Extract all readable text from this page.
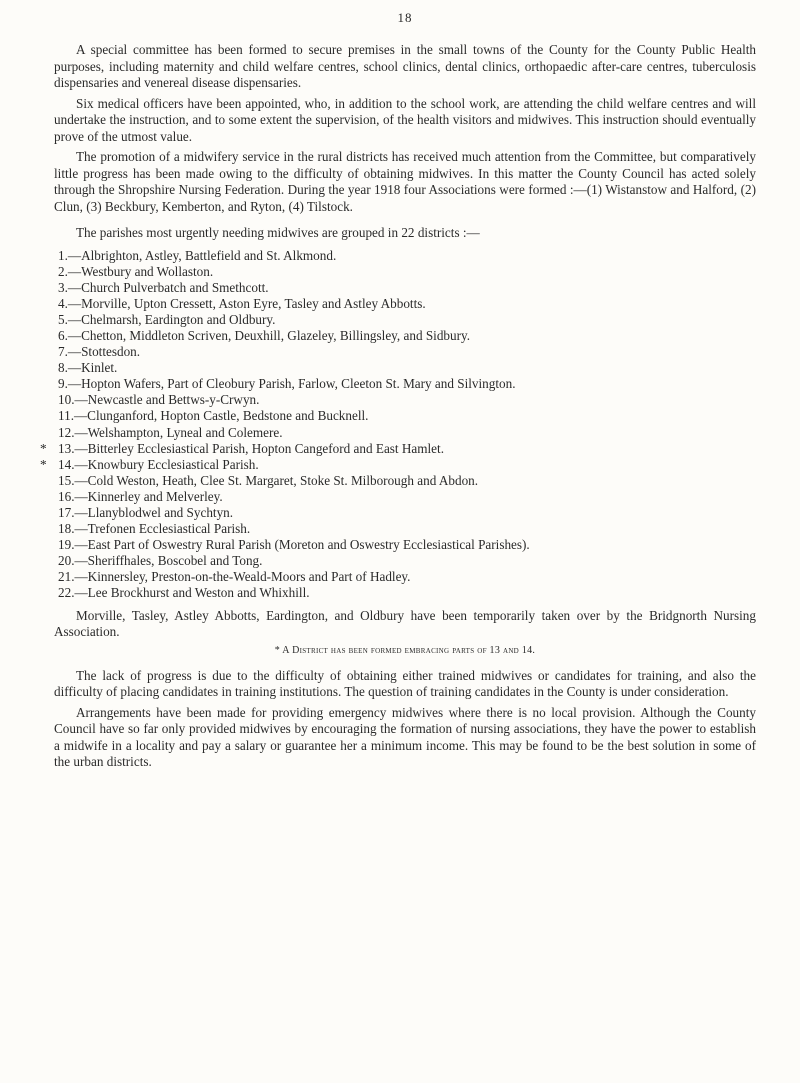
18

A special committee has been formed to secure premises in the small towns of the County for the County Public Health purposes, including maternity and child welfare centres, school clinics, dental clinics, orthopaedic after-care centres, tuberculosis dispensaries and venereal disease dispensaries.

Six medical officers have been appointed, who, in addition to the school work, are attending the child welfare centres and will undertake the instruction, and to some extent the supervision, of the health visitors and midwives. This instruction should eventually prove of the utmost value.

The promotion of a midwifery service in the rural districts has received much attention from the Committee, but comparatively little progress has been made owing to the difficulty of obtaining midwives. In this matter the County Council has acted solely through the Shropshire Nursing Federation. During the year 1918 four Associations were formed :—(1) Wistanstow and Halford, (2) Clun, (3) Beckbury, Kemberton, and Ryton, (4) Tilstock.

The parishes most urgently needing midwives are grouped in 22 districts :—

1.—Albrighton, Astley, Battlefield and St. Alkmond.
2.—Westbury and Wollaston.
3.—Church Pulverbatch and Smethcott.
4.—Morville, Upton Cressett, Aston Eyre, Tasley and Astley Abbotts.
5.—Chelmarsh, Eardington and Oldbury.
6.—Chetton, Middleton Scriven, Deuxhill, Glazeley, Billingsley, and Sidbury.
7.—Stottesdon.
8.—Kinlet.
9.—Hopton Wafers, Part of Cleobury Parish, Farlow, Cleeton St. Mary and Silvington.
10.—Newcastle and Bettws-y-Crwyn.
11.—Clunganford, Hopton Castle, Bedstone and Bucknell.
12.—Welshampton, Lyneal and Colemere.
* 13.—Bitterley Ecclesiastical Parish, Hopton Cangeford and East Hamlet.
* 14.—Knowbury Ecclesiastical Parish.
15.—Cold Weston, Heath, Clee St. Margaret, Stoke St. Milborough and Abdon.
16.—Kinnerley and Melverley.
17.—Llanyblodwel and Sychtyn.
18.—Trefonen Ecclesiastical Parish.
19.—East Part of Oswestry Rural Parish (Moreton and Oswestry Ecclesiastical Parishes).
20.—Sheriffhales, Boscobel and Tong.
21.—Kinnersley, Preston-on-the-Weald-Moors and Part of Hadley.
22.—Lee Brockhurst and Weston and Whixhill.

Morville, Tasley, Astley Abbotts, Eardington, and Oldbury have been temporarily taken over by the Bridgnorth Nursing Association.

* A District has been formed embracing parts of 13 and 14.

The lack of progress is due to the difficulty of obtaining either trained midwives or candidates for training, and also the difficulty of placing candidates in training institutions. The question of training candidates in the County is under consideration.

Arrangements have been made for providing emergency midwives where there is no local provision. Although the County Council have so far only provided midwives by encouraging the formation of nursing associations, they have the power to establish a midwife in a locality and pay a salary or guarantee her a minimum income. This may be found to be the best solution in some of the urban districts.
